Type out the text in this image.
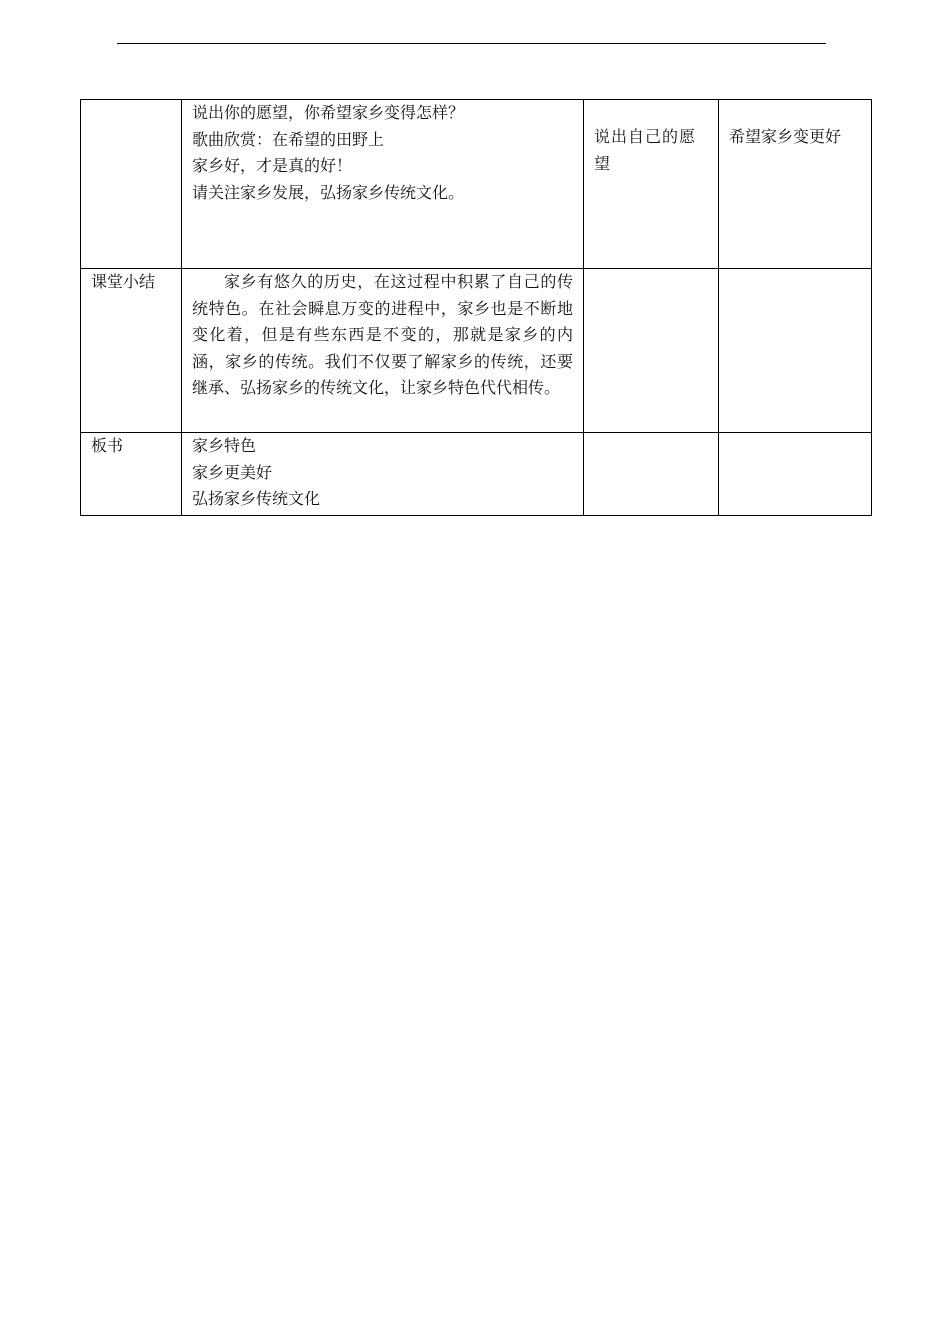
	说出你的愿望，你希望家乡变得怎样？
歌曲欣赏：在希望的田野上
家乡好，才是真的好！
请关注家乡发展，弘扬家乡传统文化。	说出自己的愿望	希望家乡变更好
课堂小结	家乡有悠久的历史，在这过程中积累了自己的传统特色。在社会瞬息万变的进程中，家乡也是不断地变化着，但是有些东西是不变的，那就是家乡的内涵，家乡的传统。我们不仅要了解家乡的传统，还要继承、弘扬家乡的传统文化，让家乡特色代代相传。		

板书	家乡特色
家乡更美好
弘扬家乡传统文化		
